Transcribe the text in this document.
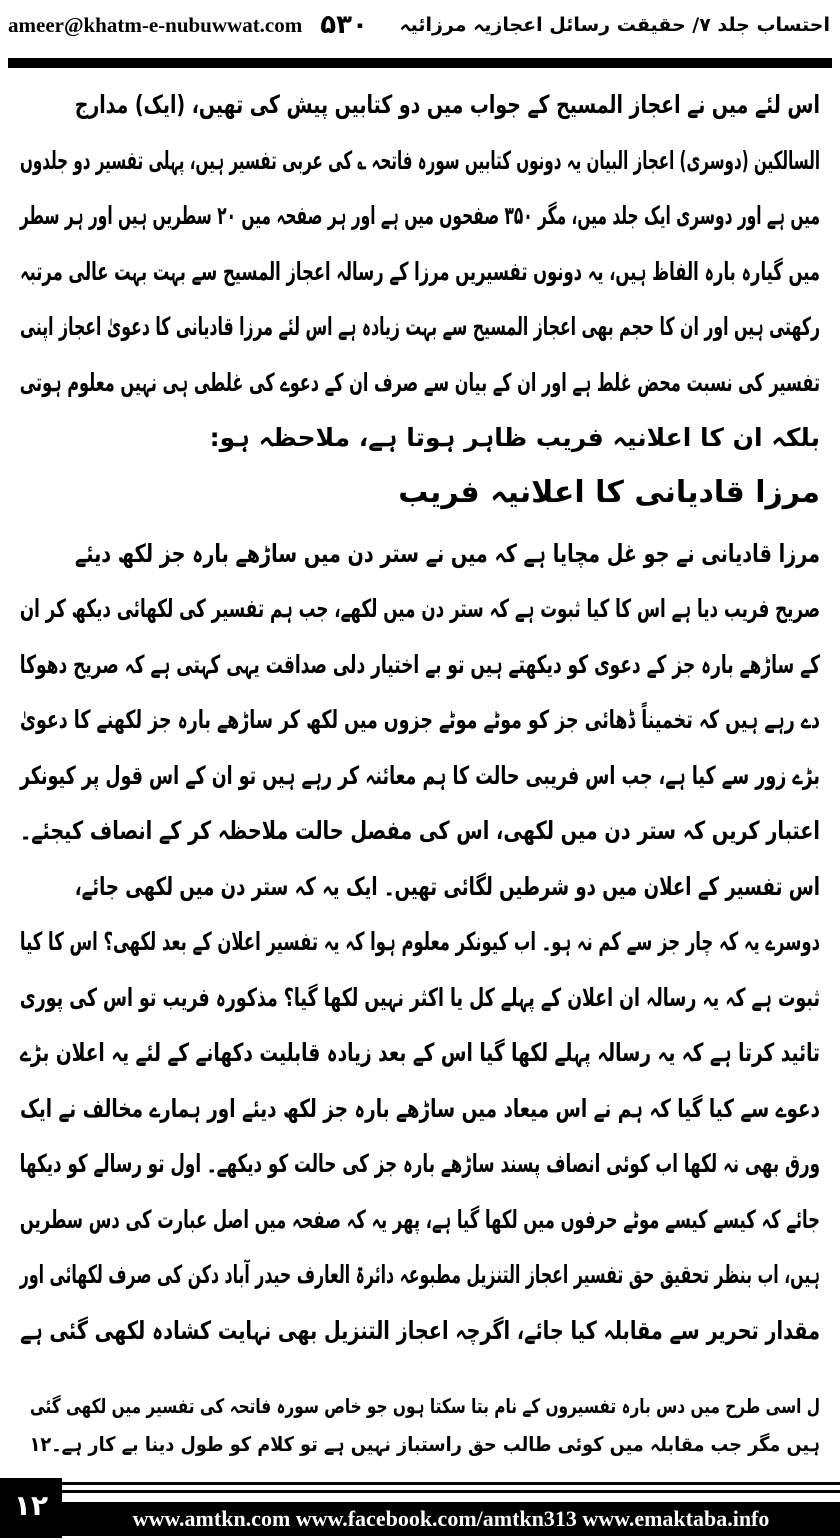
ameer@khatm-e-nubuwwat.com ۵۳۰ احتساب جلد ۷/ حقیقت رسائل اعجازیہ مرزائیہ
اس لئے میں نے اعجاز المسیح کے جواب میں دو کتابیں پیش کی تھیں، (ایک) مدارج
السالکین (دوسری) اعجاز البیان یہ دونوں کتابیں سورہ فاتحہ ؎ کی عربی تفسیر ہیں، پہلی تفسیر دو جلدوں
میں ہے اور دوسری ایک جلد میں، مگر ۳۵۰ صفحوں میں ہے اور ہر صفحہ میں ۲۰ سطریں ہیں اور ہر سطر
میں گیارہ بارہ الفاظ ہیں، یہ دونوں تفسیریں مرزا کے رسالہ اعجاز المسیح سے بہت بہت عالی مرتبہ
رکھتی ہیں اور ان کا حجم بھی اعجاز المسیح سے بہت زیادہ ہے اس لئے مرزا قادیانی کا دعویٰ اعجاز اپنی
تفسیر کی نسبت محض غلط ہے اور ان کے بیان سے صرف ان کے دعوے کی غلطی ہی نہیں معلوم ہوتی
بلکہ ان کا اعلانیہ فریب ظاہر ہوتا ہے، ملاحظہ ہو:
مرزا قادیانی کا اعلانیہ فریب
مرزا قادیانی نے جو غل مچایا ہے کہ میں نے ستر دن میں ساڑھے بارہ جز لکھ دیئے
صریح فریب دیا ہے اس کا کیا ثبوت ہے کہ ستر دن میں لکھے، جب ہم تفسیر کی لکھائی دیکھ کر ان
کے ساڑھے بارہ جز کے دعوی کو دیکھتے ہیں تو بے اختیار دلی صداقت یہی کہتی ہے کہ صریح دھوکا
دے رہے ہیں کہ تخمیناً ڈھائی جز کو موٹے موٹے جزوں میں لکھ کر ساڑھے بارہ جز لکھنے کا دعویٰ
بڑے زور سے کیا ہے، جب اس فریبی حالت کا ہم معائنہ کر رہے ہیں تو ان کے اس قول پر کیونکر
اعتبار کریں کہ ستر دن میں لکھی، اس کی مفصل حالت ملاحظہ کر کے انصاف کیجئے۔
اس تفسیر کے اعلان میں دو شرطیں لگائی تھیں۔ ایک یہ کہ ستر دن میں لکھی جائے،
دوسرے یہ کہ چار جز سے کم نہ ہو۔ اب کیونکر معلوم ہوا کہ یہ تفسیر اعلان کے بعد لکھی؟ اس کا کیا
ثبوت ہے کہ یہ رسالہ ان اعلان کے پہلے کل یا اکثر نہیں لکھا گیا؟ مذکورہ فریب تو اس کی پوری
تائید کرتا ہے کہ یہ رسالہ پہلے لکھا گیا اس کے بعد زیادہ قابلیت دکھانے کے لئے یہ اعلان بڑے
دعوے سے کیا گیا کہ ہم نے اس میعاد میں ساڑھے بارہ جز لکھ دیئے اور ہمارے مخالف نے ایک
ورق بھی نہ لکھا اب کوئی انصاف پسند ساڑھے بارہ جز کی حالت کو دیکھے۔ اول تو رسالے کو دیکھا
جائے کہ کیسے کیسے موٹے حرفوں میں لکھا گیا ہے، پھر یہ کہ صفحہ میں اصل عبارت کی دس سطریں
ہیں، اب بنظر تحقیق حق تفسیر اعجاز التنزیل مطبوعہ دائرۃ العارف حیدر آباد دکن کی صرف لکھائی اور
مقدار تحریر سے مقابلہ کیا جائے، اگرچہ اعجاز التنزیل بھی نہایت کشادہ لکھی گئی ہے
ل اسی طرح میں دس بارہ تفسیروں کے نام بتا سکتا ہوں جو خاص سورہ فاتحہ کی تفسیر میں لکھی گئی
ہیں مگر جب مقابلہ میں کوئی طالب حق راستباز نہیں ہے تو کلام کو طول دینا بے کار ہے۔۱۲
۱۲	www.amtkn.com www.facebook.com/amtkn313 www.emaktaba.info
